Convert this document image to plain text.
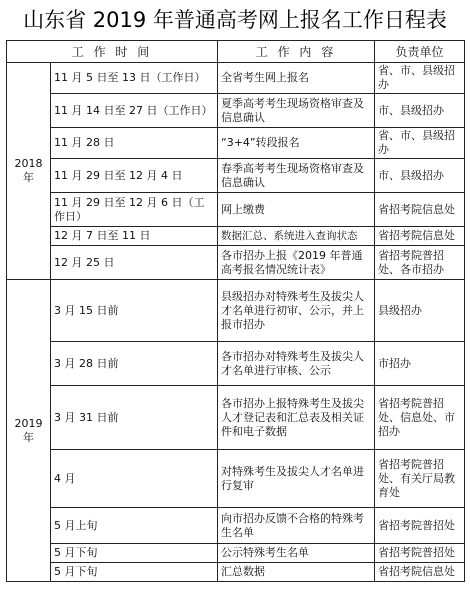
山东省 2019 年普通高考网上报名工作日程表
工 作 时 间		工 作 内 容	负责单位
2018 年	11 月 5 日至 13 日（工作日）	全省考生网上报名	省、市、县级招办
	11 月 14 日至 27 日（工作日）	夏季高考考生现场资格审查及信息确认	市、县级招办
	11 月 28 日	“3+4”转段报名	省、市、县级招办
	11 月 29 日至 12 月 4 日	春季高考考生现场资格审查及信息确认	市、县级招办
	11 月 29 日至 12 月 6 日（工作日）	网上缴费	省招考院信息处
	12 月 7 日至 11 日	数据汇总、系统进入查询状态	省招考院信息处
	12 月 25 日	各市招办上报《2019 年普通高考报名情况统计表》	省招考院普招处、各市招办
2019 年	3 月 15 日前	县级招办对特殊考生及拔尖人才名单进行初审、公示，并上报市招办	县级招办
	3 月 28 日前	各市招办对特殊考生及拔尖人才名单进行审核、公示	市招办
	3 月 31 日前	各市招办上报特殊考生及拔尖人才登记表和汇总表及相关证件和电子数据	省招考院普招处、信息处、市招办
	4 月	对特殊考生及拔尖人才名单进行复审	省招考院普招处、有关厅局教育处
	5 月上旬	向市招办反馈不合格的特殊考生名单	省招考院普招处
	5 月下旬	公示特殊考生名单	省招考院普招处
	5 月下旬	汇总数据	省招考院信息处
